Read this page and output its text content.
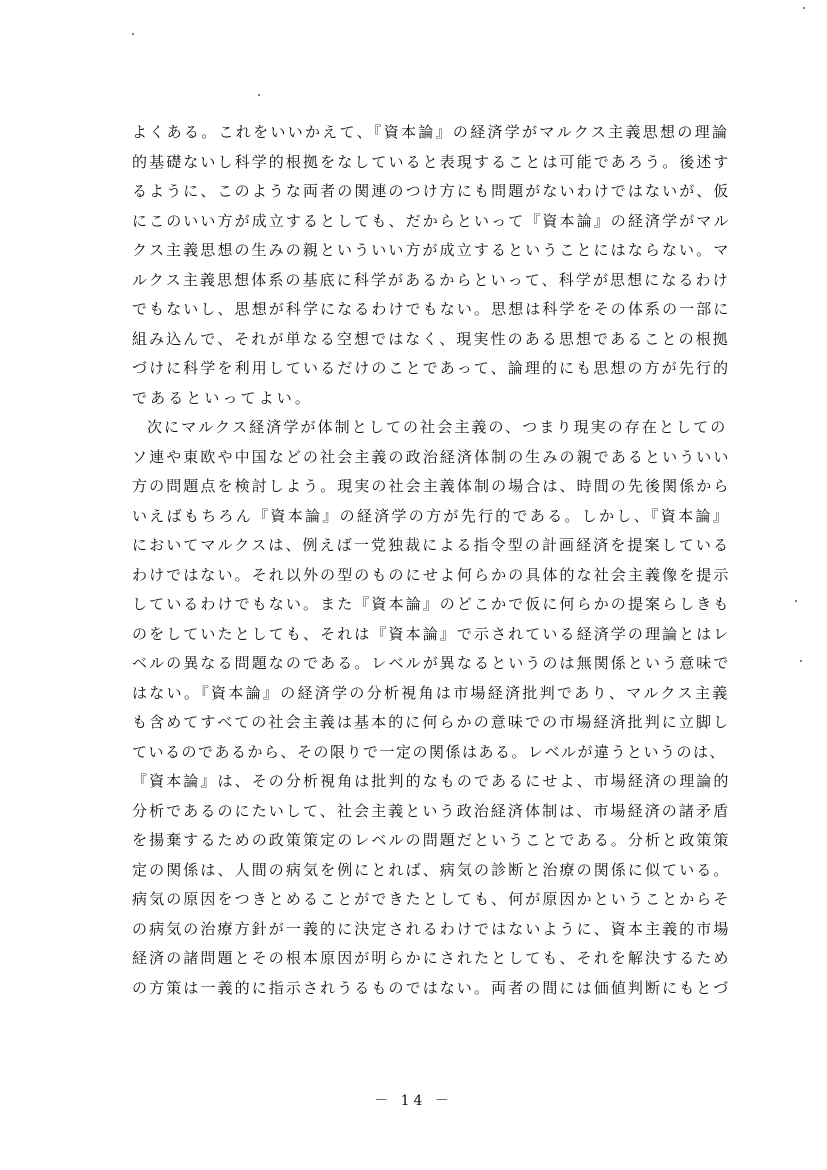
よくある。これをいいかえて、『資本論』の経済学がマルクス主義思想の理論
的基礎ないし科学的根拠をなしていると表現することは可能であろう。後述す
るように、このような両者の関連のつけ方にも問題がないわけではないが、仮
にこのいい方が成立するとしても、だからといって『資本論』の経済学がマル
クス主義思想の生みの親といういい方が成立するということにはならない。マ
ルクス主義思想体系の基底に科学があるからといって、科学が思想になるわけ
でもないし、思想が科学になるわけでもない。思想は科学をその体系の一部に
組み込んで、それが単なる空想ではなく、現実性のある思想であることの根拠
づけに科学を利用しているだけのことであって、論理的にも思想の方が先行的
であるといってよい。
次にマルクス経済学が体制としての社会主義の、つまり現実の存在としての
ソ連や東欧や中国などの社会主義の政治経済体制の生みの親であるといういい
方の問題点を検討しよう。現実の社会主義体制の場合は、時間の先後関係から
いえばもちろん『資本論』の経済学の方が先行的である。しかし、『資本論』
においてマルクスは、例えば一党独裁による指令型の計画経済を提案している
わけではない。それ以外の型のものにせよ何らかの具体的な社会主義像を提示
しているわけでもない。また『資本論』のどこかで仮に何らかの提案らしきも
のをしていたとしても、それは『資本論』で示されている経済学の理論とはレ
ベルの異なる問題なのである。レベルが異なるというのは無関係という意味で
はない。『資本論』の経済学の分析視角は市場経済批判であり、マルクス主義
も含めてすべての社会主義は基本的に何らかの意味での市場経済批判に立脚し
ているのであるから、その限りで一定の関係はある。レベルが違うというのは、
『資本論』は、その分析視角は批判的なものであるにせよ、市場経済の理論的
分析であるのにたいして、社会主義という政治経済体制は、市場経済の諸矛盾
を揚棄するための政策策定のレベルの問題だということである。分析と政策策
定の関係は、人間の病気を例にとれば、病気の診断と治療の関係に似ている。
病気の原因をつきとめることができたとしても、何が原因かということからそ
の病気の治療方針が一義的に決定されるわけではないように、資本主義的市場
経済の諸問題とその根本原因が明らかにされたとしても、それを解決するため
の方策は一義的に指示されうるものではない。両者の間には価値判断にもとづ
－ 14 －
